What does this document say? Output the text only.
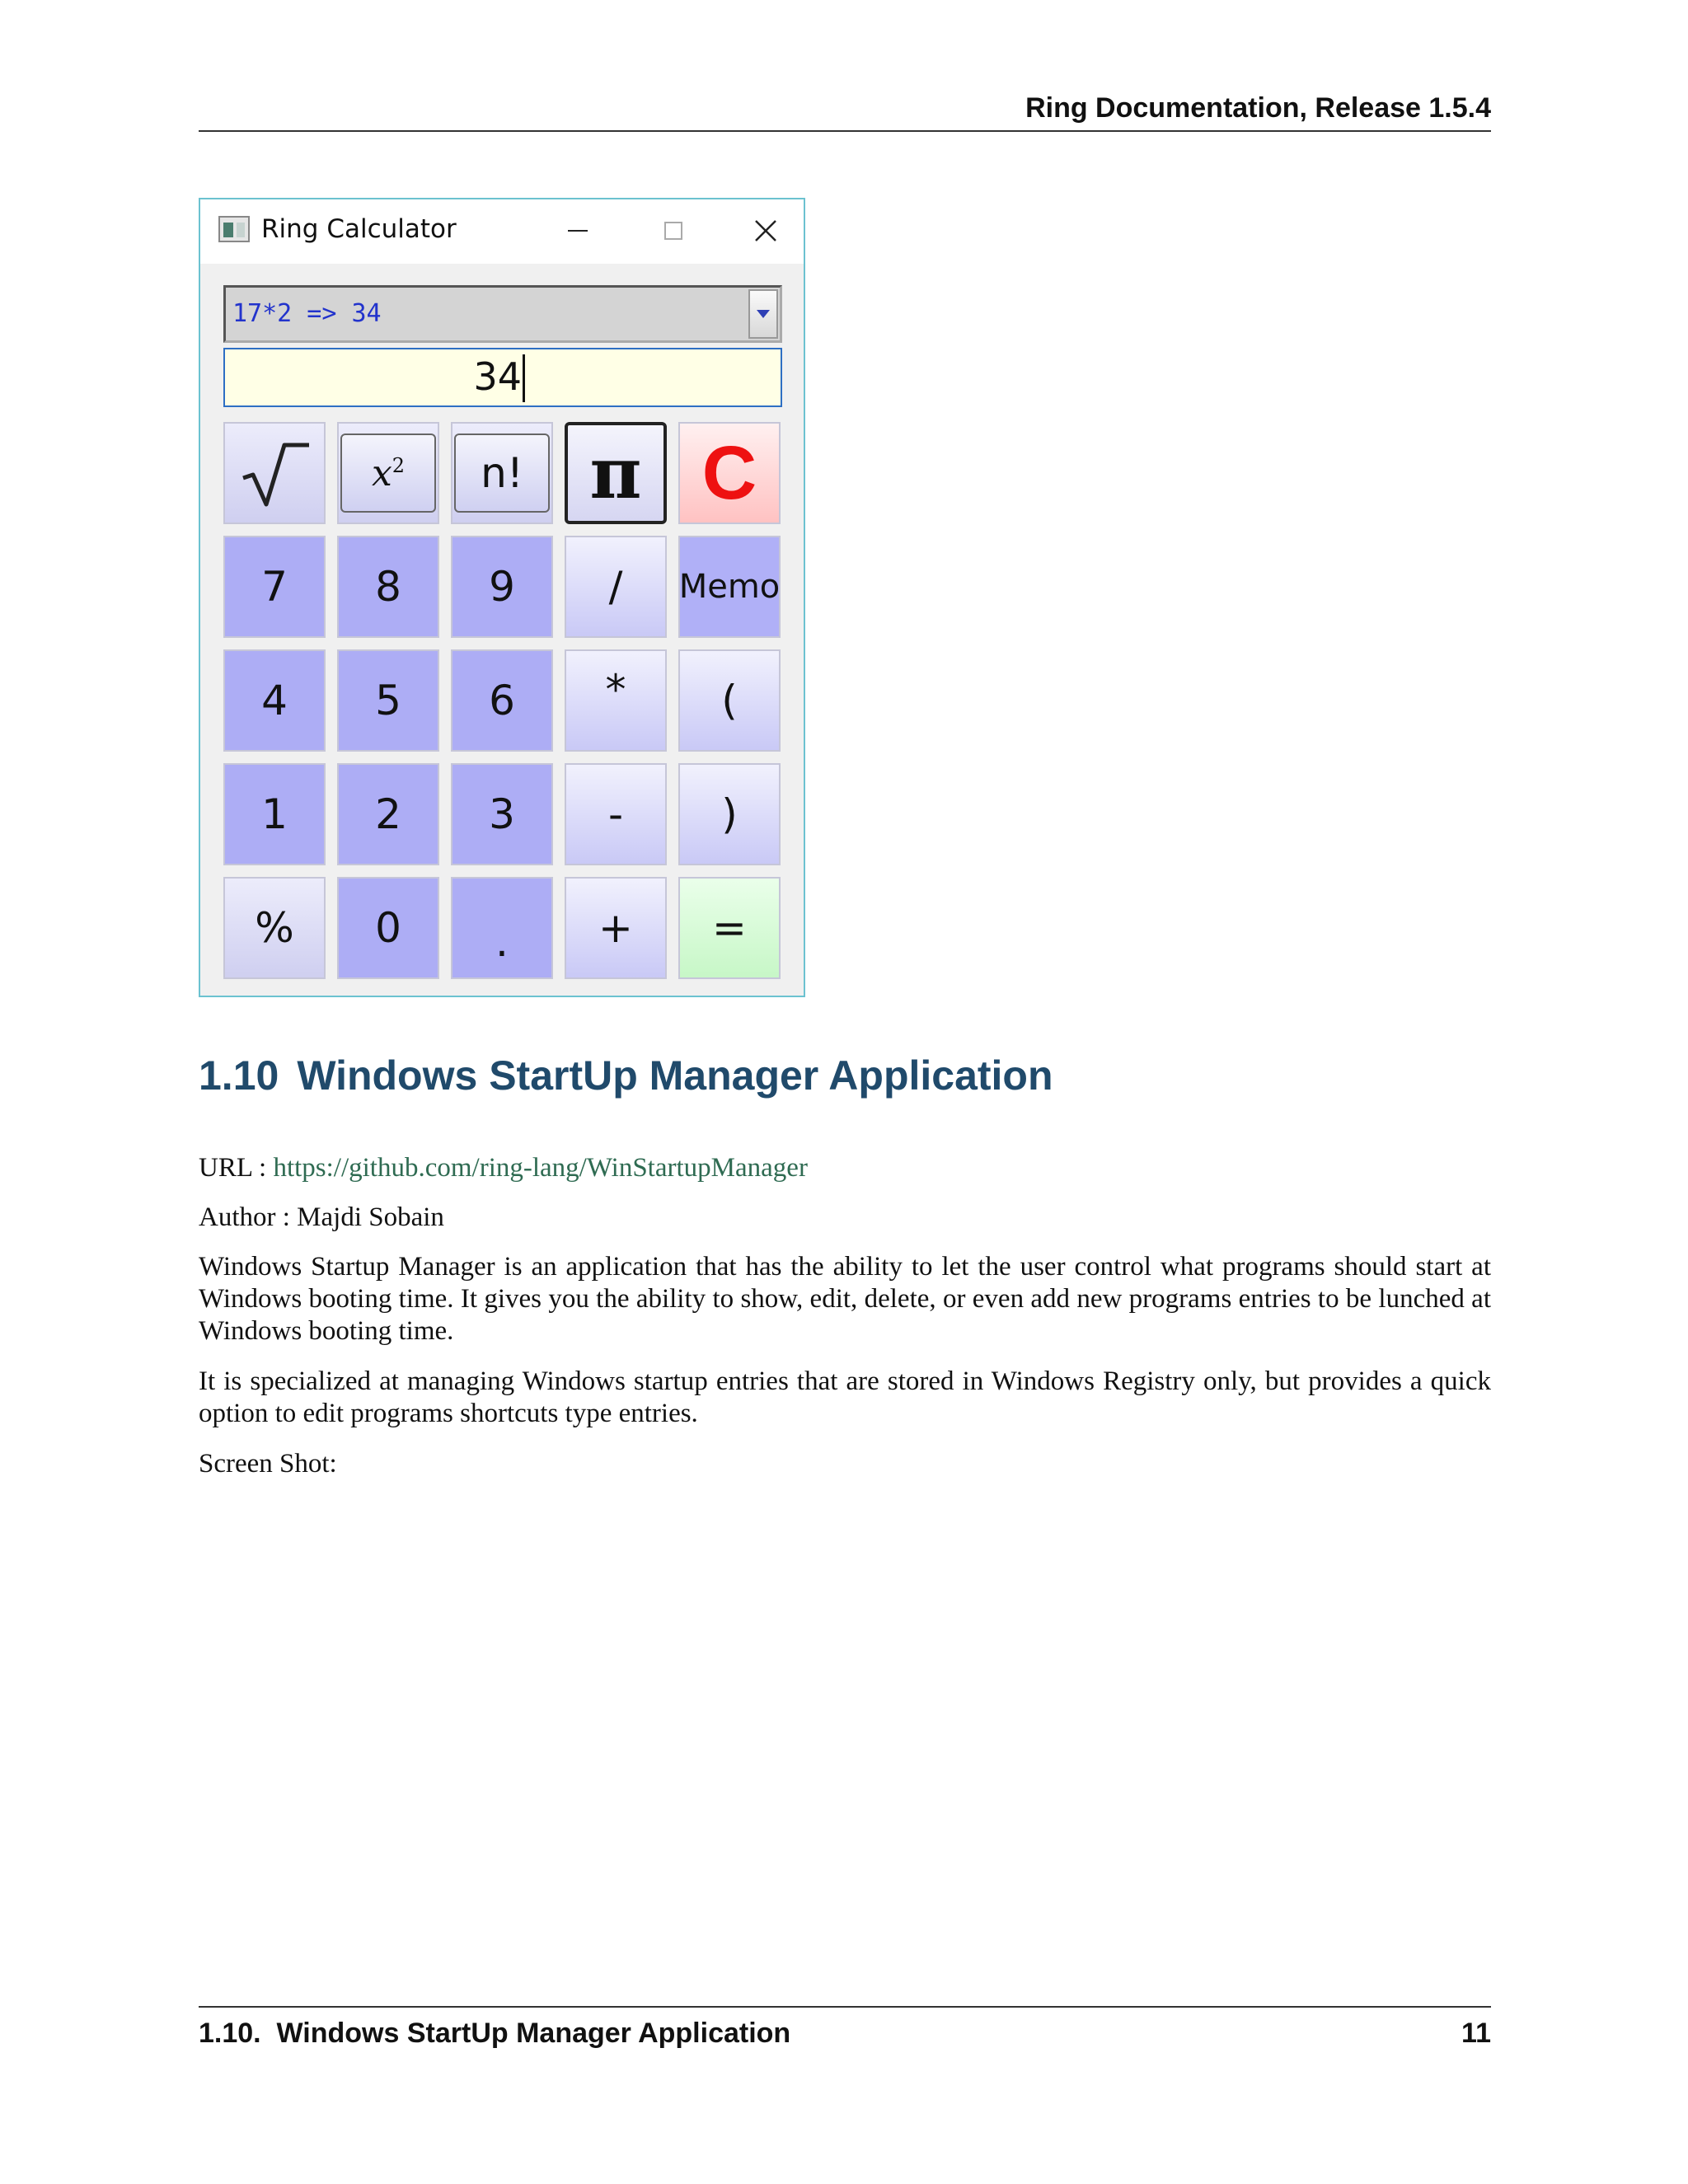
Ring Documentation, Release 1.5.4
Ring Calculator
17*2 => 34
34
$x^2$ n! π C
7 8 9 / Memo
4 5 6 * (
1 2 3 - )
% 0 . + =
1.10 Windows StartUp Manager Application
URL : https://github.com/ring-lang/WinStartupManager
Author : Majdi Sobain
Windows Startup Manager is an application that has the ability to let the user control what programs should start at Windows booting time. It gives you the ability to show, edit, delete, or even add new programs entries to be lunched at Windows booting time.
It is specialized at managing Windows startup entries that are stored in Windows Registry only, but provides a quick option to edit programs shortcuts type entries.
Screen Shot:
1.10.  Windows StartUp Manager Application	11
